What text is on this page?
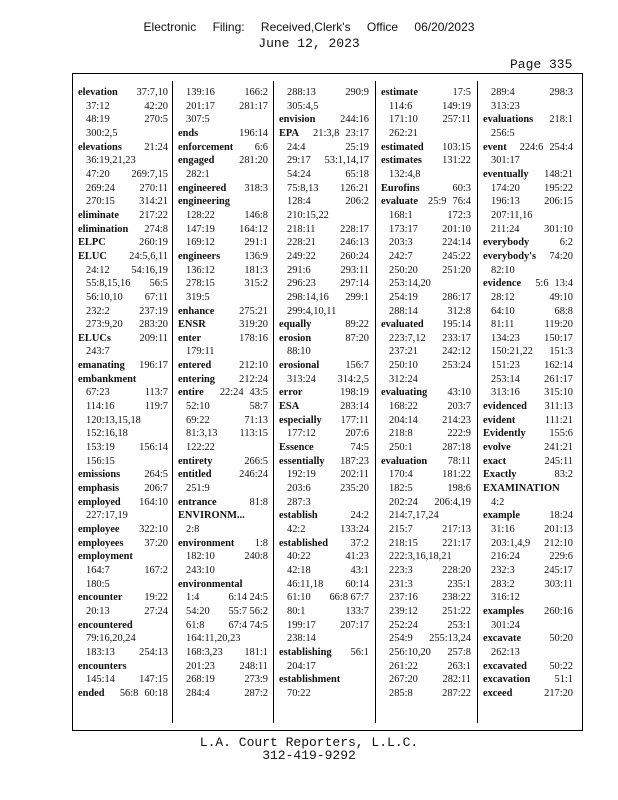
Electronic Filing: Received,Clerk's Office 06/20/2023
June 12, 2023
Page 335
elevation	37:7,10
37:12	42:20
48:19	270:5
300:2,5
elevations	21:24
36:19,21,23
47:20	269:7,15
269:24	270:11
270:15	314:21
eliminate	217:22
elimination	274:8
ELPC	260:19
ELUC	24:5,6,11
24:12	54:16,19
55:8,15,16	56:5
56:10,10	67:11
232:2	237:19
273:9,20	283:20
ELUCs	209:11
243:7
emanating	196:17
embankment
67:23	113:7
114:16	119:7
120:13,15,18
152:16,18
153:19	156:14
156:15
emissions	264:5
emphasis	206:7
employed	164:10
227:17,19
employee	322:10
employees	37:20
employment
164:7	167:2
180:5
encounter	19:22
20:13	27:24
encountered
79:16,20,24
183:13	254:13
encounters
145:14	147:15
ended	56:8 60:18
139:16	166:2
201:17	281:17
307:5
ends	196:14
enforcement	6:6
engaged	281:20
282:1
engineered	318:3
engineering
128:22	146:8
147:19	164:12
169:12	291:1
engineers	136:9
136:12	181:3
278:15	315:2
319:5
enhance	275:21
ENSR	319:20
enter	178:16
179:11
entered	212:10
entering	212:24
entire	22:24 43:5
52:10	58:7
69:22	71:13
81:3,13	113:15
122:22
entirety	266:5
entitled	246:24
251:9
entrance	81:8
ENVIRONM...
2:8
environment	1:8
182:10	240:8
243:10
environmental
1:4	6:14 24:5
54:20	55:7 56:2
61:8	67:4 74:5
164:11,20,23
168:3,23	181:1
201:23	248:11
268:19	273:9
284:4	287:2
288:13	290:9
305:4,5
envision	244:16
EPA	21:3,8 23:17
24:4	25:19
29:17	53:1,14,17
54:24	65:18
75:8,13	126:21
128:4	206:2
210:15,22
218:11	228:17
228:21	246:13
249:22	260:24
291:6	293:11
296:23	297:14
298:14,16	299:1
299:4,10,11
equally	89:22
erosion	87:20
88:10
erosional	156:7
313:24	314:2,5
error	198:19
ESA	283:14
especially	177:11
177:12	207:6
Essence	74:5
essentially	187:23
192:19	202:11
203:6	235:20
287:3
establish	24:2
42:2	133:24
established	37:2
40:22	41:23
42:18	43:1
46:11,18	60:14
61:10	66:8 67:7
80:1	133:7
199:17	207:17
238:14
establishing	56:1
204:17
establishment
70:22
estimate	17:5
114:6	149:19
171:10	257:11
262:21
estimated	103:15
estimates	131:22
132:4,8
Eurofins	60:3
evaluate 25:9 76:4
168:1	172:3
173:17	201:10
203:3	224:14
242:7	245:22
250:20	251:20
253:14,20
254:19	286:17
288:14	312:8
evaluated	195:14
223:7,12	233:17
237:21	242:12
250:10	253:24
312:24
evaluating	43:10
168:22	203:7
204:14	214:23
218:8	222:9
250:1	287:18
evaluation	78:11
170:4	181:22
182:5	198:6
202:24	206:4,19
214:7,17,24
215:7	217:13
218:15	221:17
222:3,16,18,21
223:3	228:20
231:3	235:1
237:16	238:22
239:12	251:22
252:24	253:1
254:9	255:13,24
256:10,20	257:8
261:22	263:1
267:20	282:11
285:8	287:22
289:4	298:3
313:23
evaluations	218:1
256:5
event	224:6 254:4
301:17
eventually	148:21
174:20	195:22
196:13	206:15
207:11,16
211:24	301:10
everybody	6:2
everybody's	74:20
82:10
evidence	5:6 13:4
28:12	49:10
64:10	68:8
81:11	119:20
134:23	150:17
150:21,22	151:3
151:23	162:14
253:14	261:17
313:16	315:10
evidenced	311:13
evident	111:21
Evidently	155:6
evolve	241:21
exact	245:11
Exactly	83:2
EXAMINATION
4:2
example	18:24
31:16	201:13
203:1,4,9	212:10
216:24	229:6
232:3	245:17
283:2	303:11
316:12
examples	260:16
301:24
excavate	50:20
262:13
excavated	50:22
excavation	51:1
exceed	217:20
L.A. Court Reporters, L.L.C.
312-419-9292
